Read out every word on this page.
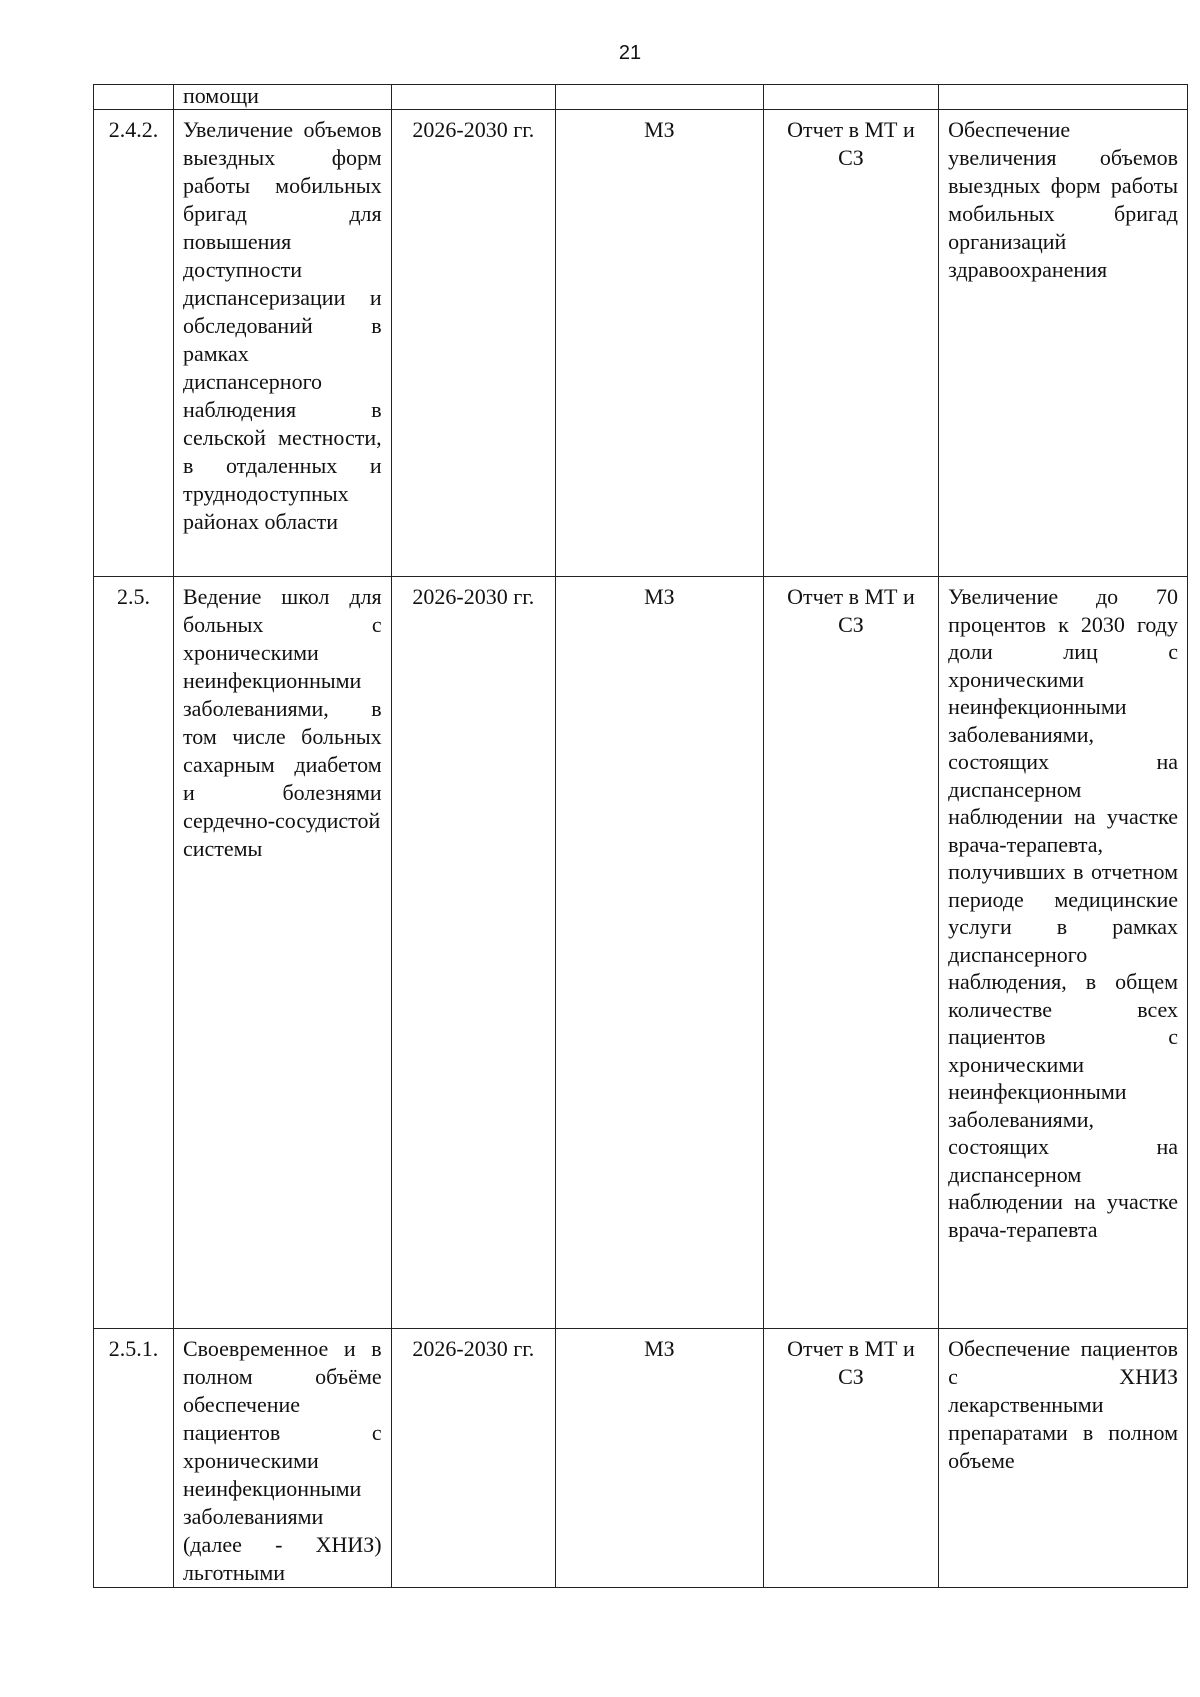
21
	помощи				
2.4.2.	Увеличение объемов выездных форм работы мобильных бригад для повышения доступности диспансеризации и обследований в рамках диспансерного наблюдения в сельской местности, в отдаленных и труднодоступных районах области	2026-2030 гг.	МЗ	Отчет в МТ и СЗ	Обеспечение увеличения объемов выездных форм работы мобильных бригад организаций здравоохранения
2.5.	Ведение школ для больных с хроническими неинфекционными заболеваниями, в том числе больных сахарным диабетом и болезнями сердечно-сосудистой системы	2026-2030 гг.	МЗ	Отчет в МТ и СЗ	Увеличение до 70 процентов к 2030 году доли лиц с хроническими неинфекционными заболеваниями, состоящих на диспансерном наблюдении на участке врача-терапевта, получивших в отчетном периоде медицинские услуги в рамках диспансерного наблюдения, в общем количестве всех пациентов с хроническими неинфекционными заболеваниями, состоящих на диспансерном наблюдении на участке врача-терапевта
2.5.1.	Своевременное и в полном объёме обеспечение пациентов с хроническими неинфекционными заболеваниями (далее - ХНИЗ) льготными	2026-2030 гг.	МЗ	Отчет в МТ и СЗ	Обеспечение пациентов с ХНИЗ лекарственными препаратами в полном объеме
